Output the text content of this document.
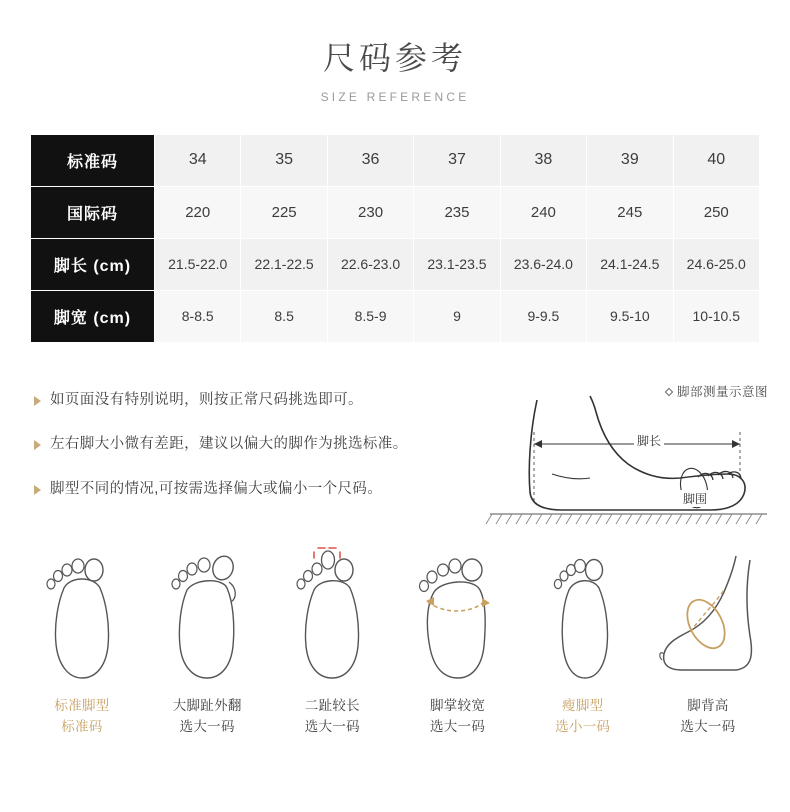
尺码参考
SIZE REFERENCE
标准码	34	35	36	37	38	39	40
国际码	220	225	230	235	240	245	250
脚长 (cm)	21.5-22.0	22.1-22.5	22.6-23.0	23.1-23.5	23.6-24.0	24.1-24.5	24.6-25.0
脚宽 (cm)	8-8.5	8.5	8.5-9	9	9-9.5	9.5-10	10-10.5
如页面没有特别说明，则按正常尺码挑选即可。
左右脚大小微有差距，建议以偏大的脚作为挑选标准。
脚型不同的情况,可按需选择偏大或偏小一个尺码。
脚部测量示意图
脚长
脚围
标准脚型
标准码
大脚趾外翻
选大一码
二趾较长
选大一码
脚掌较宽
选大一码
瘦脚型
选小一码
脚背高
选大一码
